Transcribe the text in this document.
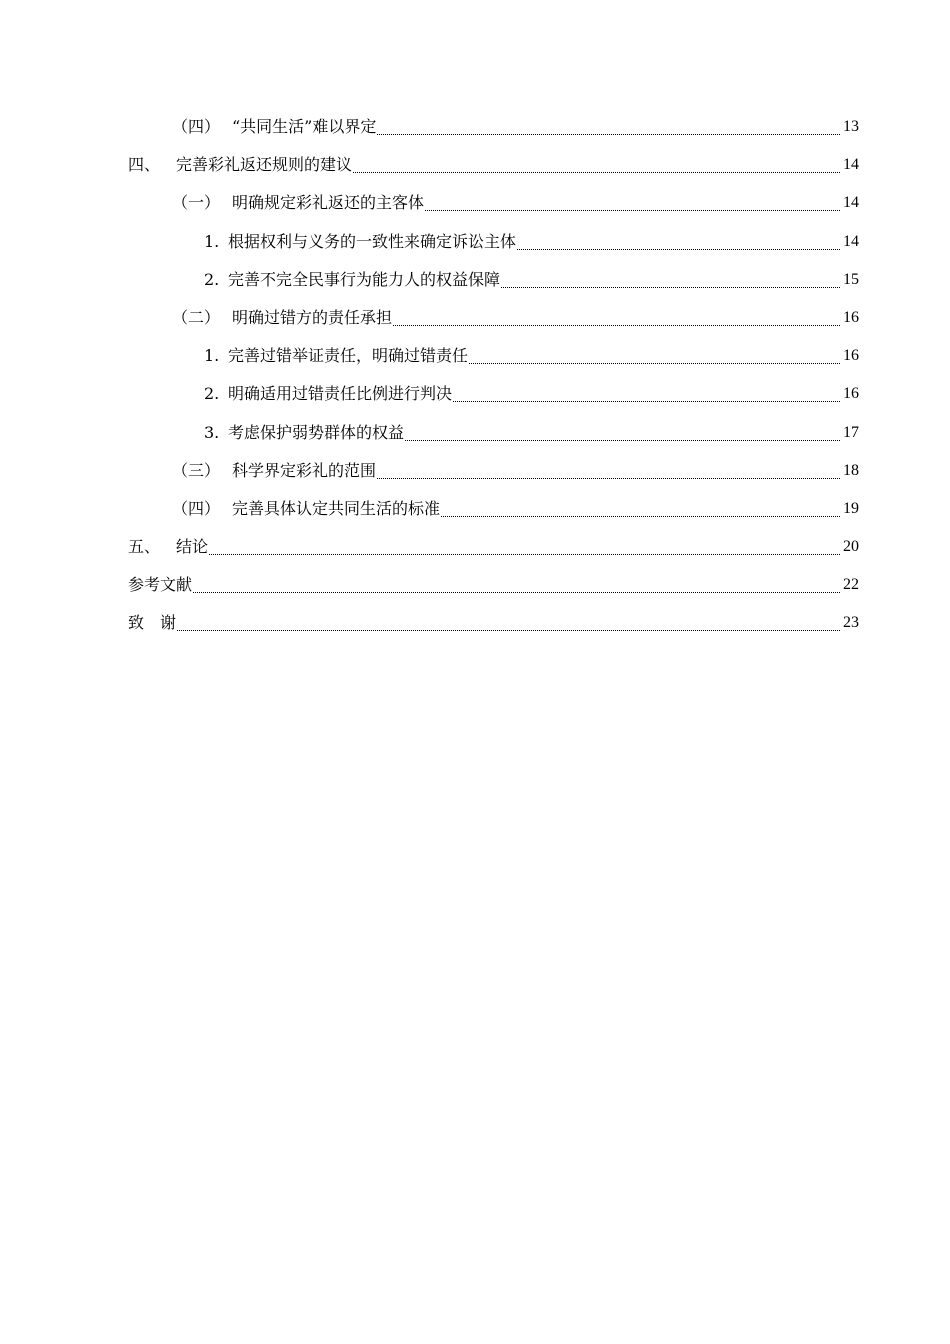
（四） “共同生活”难以界定	13
四、 完善彩礼返还规则的建议	14
（一） 明确规定彩礼返还的主客体	14
1. 根据权利与义务的一致性来确定诉讼主体	14
2. 完善不完全民事行为能力人的权益保障	15
（二） 明确过错方的责任承担	16
1. 完善过错举证责任，明确过错责任	16
2. 明确适用过错责任比例进行判决	16
3. 考虑保护弱势群体的权益	17
（三） 科学界定彩礼的范围	18
（四） 完善具体认定共同生活的标准	19
五、 结论	20
参考文献	22
致　谢	23
